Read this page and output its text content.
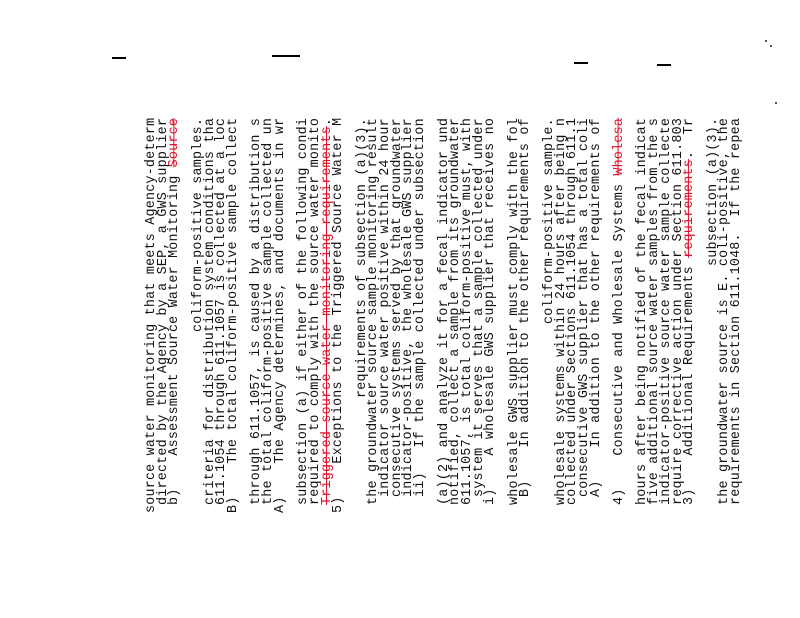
requirements in Section 611.1048.  If the repea
the groundwater source is E. coli-positive, the
subsection (a)(3).
3)    Additional Requirements requirements.  Tr
require corrective action under Section 611.803
indicator-positive source water sample collecte
five additional source water samples from the s
hours after being notified of the fecal indicat
4)    Consecutive and Wholesale Systems Wholesa
A)    In addition to the other requirements of
consecutive GWS supplier that has a total coli
collected under Sections 611.1054 through 611.1
wholesale systems within 24 hours after being n
coliform-positive sample.
B)    In addition to the other requirements of
wholesale GWS supplier must comply with the fol
i)    A wholesale GWS supplier that receives no
system it serves that a sample collected under
611.1057, is total coliform-positive must, with
notified, collect a sample from its groundwater
(a)(2) and analyze it for a fecal indicator und
ii)   If the sample collected under subsection
indicator-positive, the wholesale GWS supplier
consecutive systems served by that groundwater
indicator source water positive within 24 hour
the groundwater source sample monitoring result
requirements of subsection (a)(3).
5)    Exceptions to the Triggered Source Water M
Triggered source water monitoring requirements.
required to comply with the source water monito
subsection (a) if either of the following condi
A)    The Agency determines, and documents in wr
the total coliform-positive sample collected un
through 611.1057, is caused by a distribution s
B)    The total coliform-positive sample collect
611.1054 through 611.1057 is collected at a loc
criteria for distribution system conditions tha
coliform-positive samples.
b)    Assessment Source Water Monitoring Source
directed by the Agency by a SEP, a GWS supplier
source water monitoring that meets Agency-determ
